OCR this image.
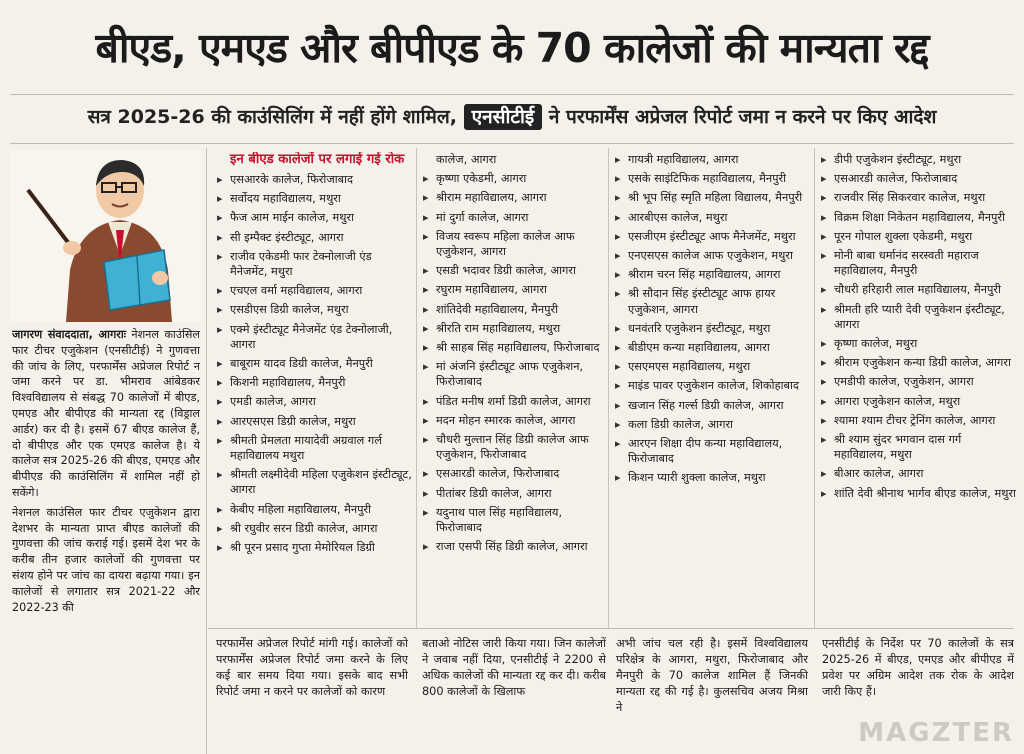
बीएड, एमएड और बीपीएड के 70 कालेजों की मान्यता रद्द
सत्र 2025-26 की काउंसिलिंग में नहीं होंगे शामिल, एनसीटीई ने परफार्मेंस अप्रेजल रिपोर्ट जमा न करने पर किए आदेश

जागरण संवाददाता, आगराः नेशनल काउंसिल फार टीचर एजुकेशन (एनसीटीई) ने गुणवत्ता की जांच के लिए, परफार्मेंस अप्रेजल रिपोर्ट न जमा करने पर डा. भीमराव आंबेडकर विश्वविद्यालय से संबद्ध 70 कालेजों में बीएड, एमएड और बीपीएड की मान्यता रद्द (विड्राल आर्डर) कर दी है। इसमें 67 बीएड कालेज हैं, दो बीपीएड और एक एमएड कालेज है। ये कालेज सत्र 2025-26 की बीएड, एमएड और बीपीएड की काउंसिलिंग में शामिल नहीं हो सकेंगे।

नेशनल काउंसिल फार टीचर एजुकेशन द्वारा देशभर के मान्यता प्राप्त बीएड कालेजों की गुणवत्ता की जांच कराई गई। इसमें देश भर के करीब तीन हजार कालेजों की गुणवत्ता पर संशय होने पर जांच का दायरा बढ़ाया गया। इन कालेजों से लगातार सत्र 2021-22 और 2022-23 की

इन बीएड कालेजों पर लगाई गई रोक
▸ एसआरके कालेज, फिरोजाबाद
▸ सर्वोदय महाविद्यालय, मथुरा
▸ फैज आम माईन कालेज, मथुरा
▸ सी इम्पैक्ट इंस्टीट्यूट, आगरा
▸ राजीव एकेडमी फार टेक्नोलाजी एंड मैनेजमेंट, मथुरा
▸ एचएल वर्मा महाविद्यालय, आगरा
▸ एसडीएस डिग्री कालेज, मथुरा
▸ एक्मे इंस्टीट्यूट मैनेजमेंट एंड टेक्नोलाजी, आगरा
▸ बाबूराम यादव डिग्री कालेज, मैनपुरी
▸ किशनी महाविद्यालय, मैनपुरी
▸ एमडी कालेज, आगरा
▸ आरएसएस डिग्री कालेज, मथुरा
▸ श्रीमती प्रेमलता मायादेवी अग्रवाल गर्ल महाविद्यालय मथुरा
▸ श्रीमती लक्ष्मीदेवी महिला एजुकेशन इंस्टीट्यूट, आगरा
▸ केबीए महिला महाविद्यालय, मैनपुरी
▸ श्री रघुवीर सरन डिग्री कालेज, आगरा
▸ श्री पूरन प्रसाद गुप्ता मेमोरियल डिग्री
कालेज, आगरा
▸ कृष्णा एकेडमी, आगरा
▸ श्रीराम महाविद्यालय, आगरा
▸ मां दुर्गा कालेज, आगरा
▸ विजय स्वरूप महिला कालेज आफ एजुकेशन, आगरा
▸ एसडी भदावर डिग्री कालेज, आगरा
▸ रघुराम महाविद्यालय, आगरा
▸ शांतिदेवी महाविद्यालय, मैनपुरी
▸ श्रीरति राम महाविद्यालय, मथुरा
▸ श्री साहब सिंह महाविद्यालय, फिरोजाबाद
▸ मां अंजनि इंस्टीट्यूट आफ एजुकेशन, फिरोजाबाद
▸ पंडित मनीष शर्मा डिग्री कालेज, आगरा
▸ मदन मोहन स्मारक कालेज, आगरा
▸ चौधरी मुल्तान सिंह डिग्री कालेज आफ एजुकेशन, फिरोजाबाद
▸ एसआरडी कालेज, फिरोजाबाद
▸ पीतांबर डिग्री कालेज, आगरा
▸ यदुनाथ पाल सिंह महाविद्यालय, फिरोजाबाद
▸ राजा एसपी सिंह डिग्री कालेज, आगरा
▸ गायत्री महाविद्यालय, आगरा
▸ एसके साइंटिफिक महाविद्यालय, मैनपुरी
▸ श्री भूप सिंह स्मृति महिला विद्यालय, मैनपुरी
▸ आरबीएस कालेज, मथुरा
▸ एसजीएम इंस्टीट्यूट आफ मैनेजमेंट, मथुरा
▸ एनएसएस कालेज आफ एजुकेशन, मथुरा
▸ श्रीराम चरन सिंह महाविद्यालय, आगरा
▸ श्री सौदान सिंह इंस्टीट्यूट आफ हायर एजुकेशन, आगरा
▸ धनवंतरि एजुकेशन इंस्टीट्यूट, मथुरा
▸ बीडीएम कन्या महाविद्यालय, आगरा
▸ एसएमएस महाविद्यालय, मथुरा
▸ माइंड पावर एजुकेशन कालेज, शिकोहाबाद
▸ खजान सिंह गर्ल्स डिग्री कालेज, आगरा
▸ कला डिग्री कालेज, आगरा
▸ आरएन शिक्षा दीप कन्या महाविद्यालय, फिरोजाबाद
▸ किशन प्यारी शुक्ला कालेज, मथुरा
▸ डीपी एजुकेशन इंस्टीट्यूट, मथुरा
▸ एसआरडी कालेज, फिरोजाबाद
▸ राजवीर सिंह सिकरवार कालेज, मथुरा
▸ विक्रम शिक्षा निकेतन महाविद्यालय, मैनपुरी
▸ पूरन गोपाल शुक्ला एकेडमी, मथुरा
▸ मोनी बाबा धर्मानंद सरस्वती महाराज महाविद्यालय, मैनपुरी
▸ चौधरी हरिहारी लाल महाविद्यालय, मैनपुरी
▸ श्रीमती हरि प्यारी देवी एजुकेशन इंस्टीट्यूट, आगरा
▸ कृष्णा कालेज, मथुरा
▸ श्रीराम एजुकेशन कन्या डिग्री कालेज, आगरा
▸ एमडीपी कालेज, एजुकेशन, आगरा
▸ आगरा एजुकेशन कालेज, मथुरा
▸ श्यामा श्याम टीचर ट्रेनिंग कालेज, आगरा
▸ श्री श्याम सुंदर भगवान दास गर्ग महाविद्यालय, मथुरा
▸ बीआर कालेज, आगरा
▸ शांति देवी श्रीनाथ भार्गव बीएड कालेज, मथुरा
परफार्मेंस अप्रेजल रिपोर्ट मांगी गई। कालेजों को परफार्मेंस अप्रेजल रिपोर्ट जमा करने के लिए कई बार समय दिया गया। इसके बाद सभी रिपोर्ट जमा न करने पर कालेजों को कारण
बताओ नोटिस जारी किया गया। जिन कालेजों ने जवाब नहीं दिया, एनसीटीई ने 2200 से अधिक कालेजों की मान्यता रद्द कर दी। करीब 800 कालेजों के खिलाफ
अभी जांच चल रही है। इसमें विश्वविद्यालय परिक्षेत्र के आगरा, मथुरा, फिरोजाबाद और मैनपुरी के 70 कालेज शामिल हैं जिनकी मान्यता रद्द की गई है। कुलसचिव अजय मिश्रा ने
एनसीटीई के निर्देश पर 70 कालेजों के सत्र 2025-26 में बीएड, एमएड और बीपीएड में प्रवेश पर अग्रिम आदेश तक रोक के आदेश जारी किए हैं।
MAGZTER
